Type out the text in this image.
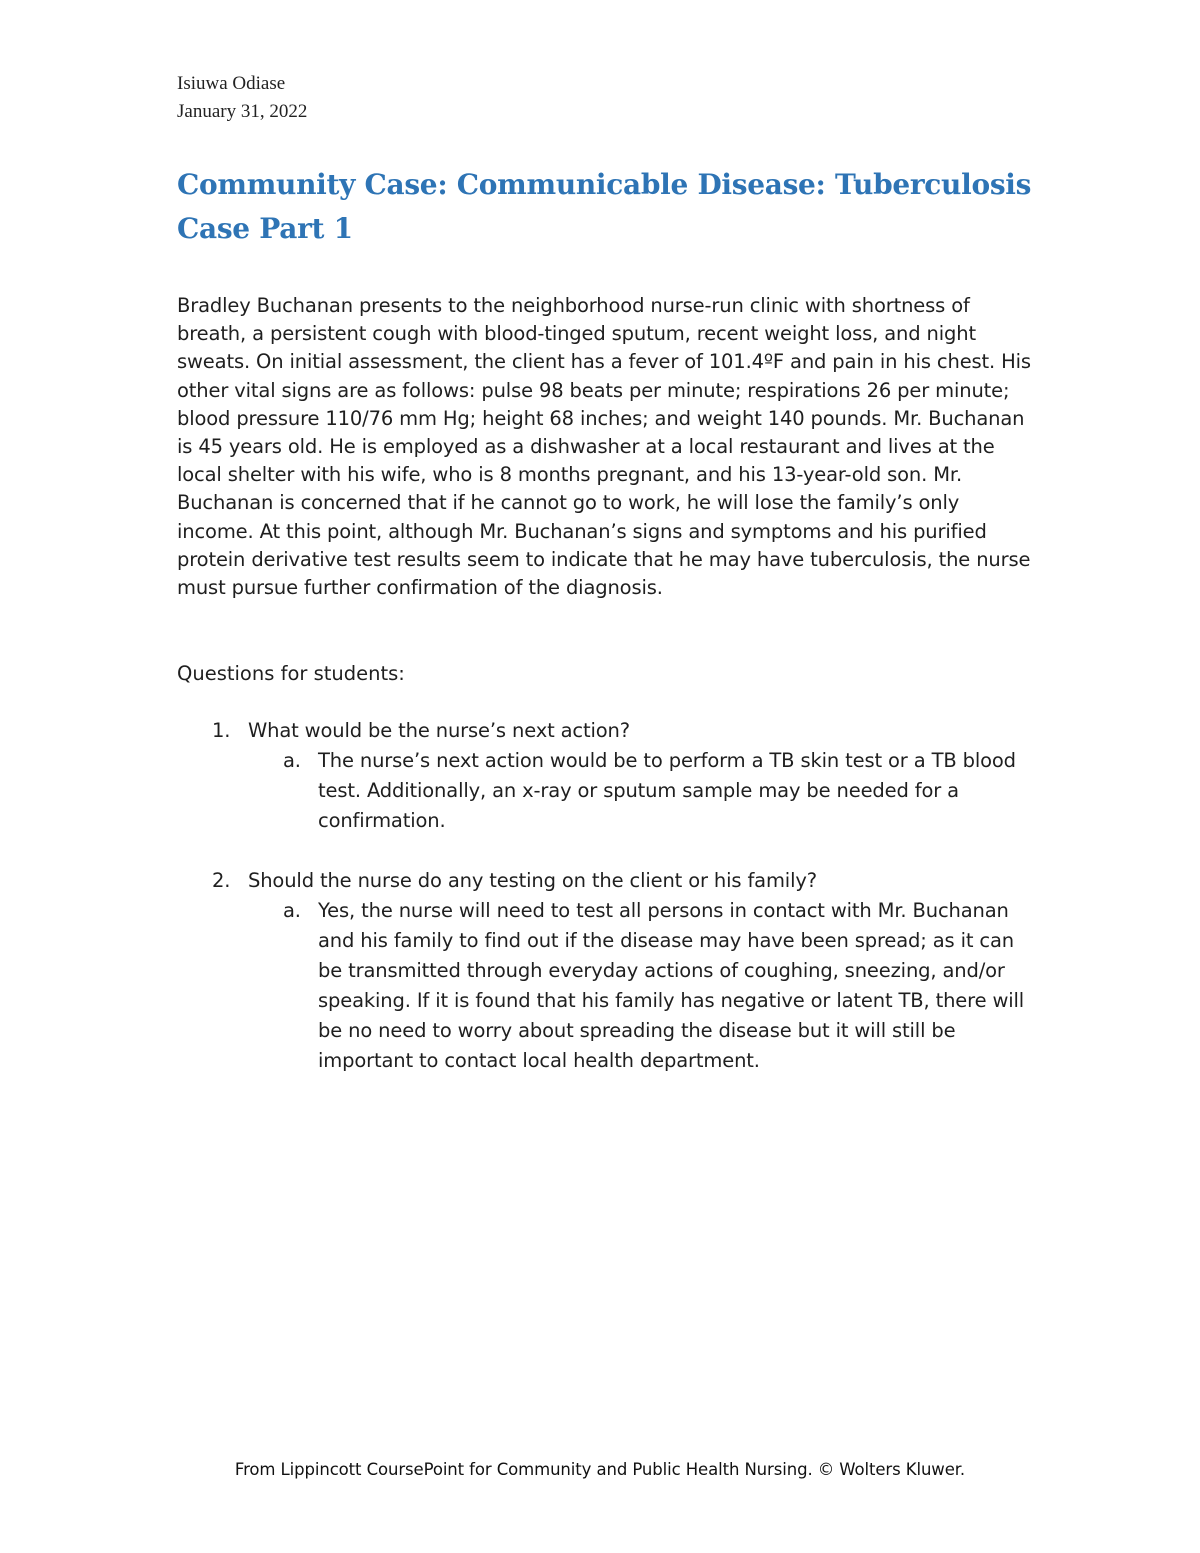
Isiuwa Odiase
January 31, 2022
Community Case: Communicable Disease: Tuberculosis
Case Part 1

Bradley Buchanan presents to the neighborhood nurse-run clinic with shortness of breath, a persistent cough with blood-tinged sputum, recent weight loss, and night sweats. On initial assessment, the client has a fever of 101.4ºF and pain in his chest. His other vital signs are as follows: pulse 98 beats per minute; respirations 26 per minute; blood pressure 110/76 mm Hg; height 68 inches; and weight 140 pounds. Mr. Buchanan is 45 years old. He is employed as a dishwasher at a local restaurant and lives at the local shelter with his wife, who is 8 months pregnant, and his 13-year-old son. Mr. Buchanan is concerned that if he cannot go to work, he will lose the family’s only income. At this point, although Mr. Buchanan’s signs and symptoms and his purified protein derivative test results seem to indicate that he may have tuberculosis, the nurse must pursue further confirmation of the diagnosis.

Questions for students:

1. What would be the nurse’s next action?
a. The nurse’s next action would be to perform a TB skin test or a TB blood test. Additionally, an x-ray or sputum sample may be needed for a confirmation.
2. Should the nurse do any testing on the client or his family?
a. Yes, the nurse will need to test all persons in contact with Mr. Buchanan and his family to find out if the disease may have been spread; as it can be transmitted through everyday actions of coughing, sneezing, and/or speaking. If it is found that his family has negative or latent TB, there will be no need to worry about spreading the disease but it will still be important to contact local health department.
From Lippincott CoursePoint for Community and Public Health Nursing. © Wolters Kluwer.
